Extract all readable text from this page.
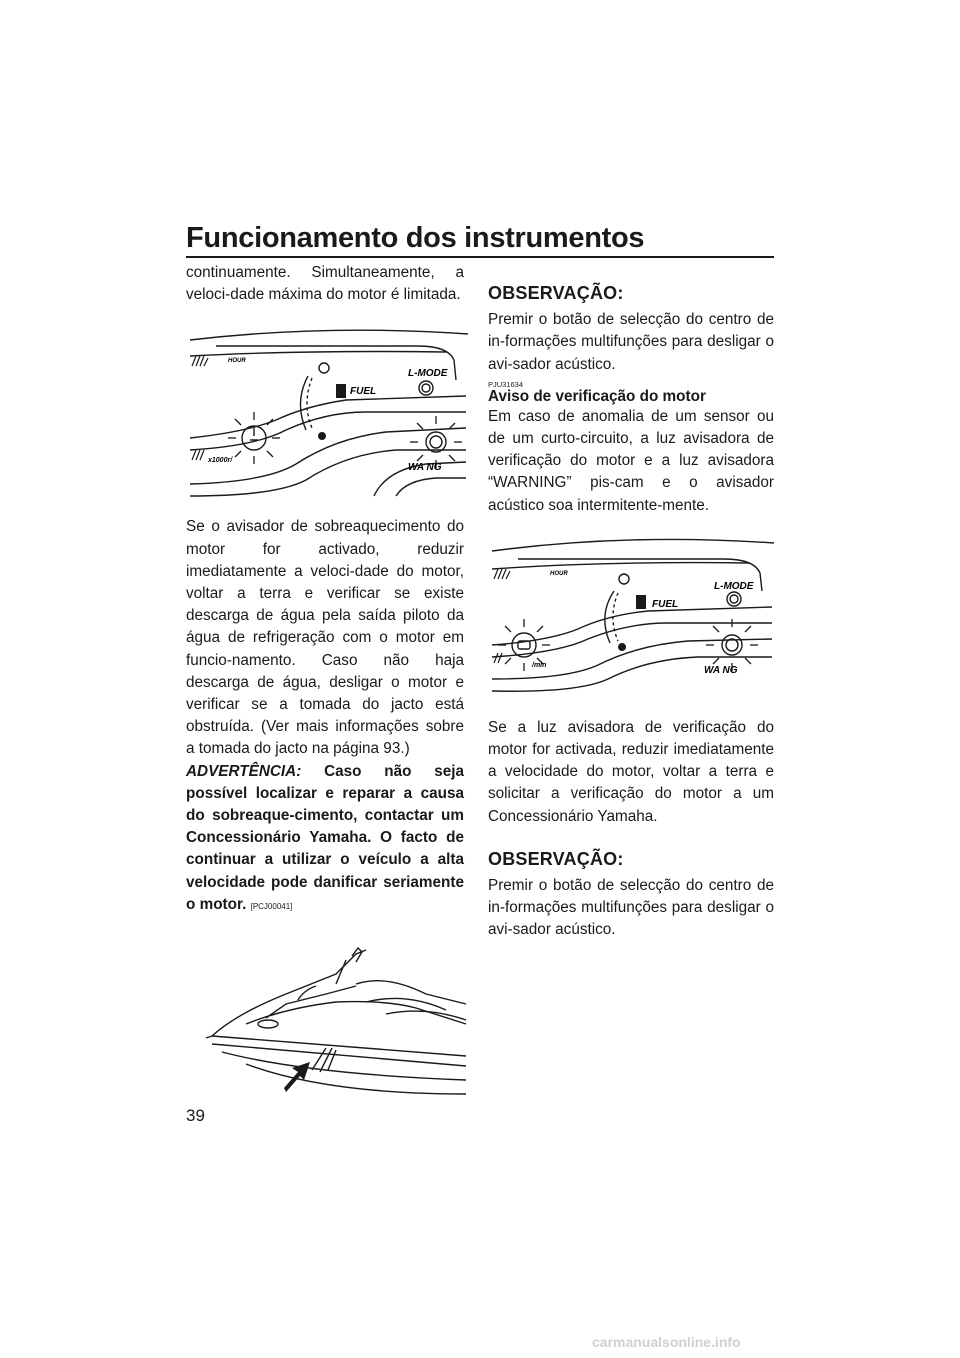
Funcionamento dos instrumentos

continuamente. Simultaneamente, a veloci-dade máxima do motor é limitada.

HOUR
FUEL
L-MODE
WA NG
x1000r/

Se o avisador de sobreaquecimento do motor for activado, reduzir imediatamente a veloci-dade do motor, voltar a terra e verificar se existe descarga de água pela saída piloto da água de refrigeração com o motor em funcio-namento. Caso não haja descarga de água, desligar o motor e verificar se a tomada do jacto está obstruída. (Ver mais informações sobre a tomada do jacto na página 93.)

ADVERTÊNCIA: Caso não seja possível localizar e reparar a causa do sobreaque-cimento, contactar um Concessionário Yamaha. O facto de continuar a utilizar o veículo a alta velocidade pode danificar seriamente o motor. [PCJ00041]

OBSERVAÇÃO:

Premir o botão de selecção do centro de in-formações multifunções para desligar o avi-sador acústico.

PJU31634
Aviso de verificação do motor

Em caso de anomalia de um sensor ou de um curto-circuito, a luz avisadora de verificação do motor e a luz avisadora “WARNING” pis-cam e o avisador acústico soa intermitente-mente.

HOUR
FUEL
L-MODE
WA NG
/min

Se a luz avisadora de verificação do motor for activada, reduzir imediatamente a velocidade do motor, voltar a terra e solicitar a verificação do motor a um Concessionário Yamaha.

OBSERVAÇÃO:

Premir o botão de selecção do centro de in-formações multifunções para desligar o avi-sador acústico.

39
carmanualsonline.info
